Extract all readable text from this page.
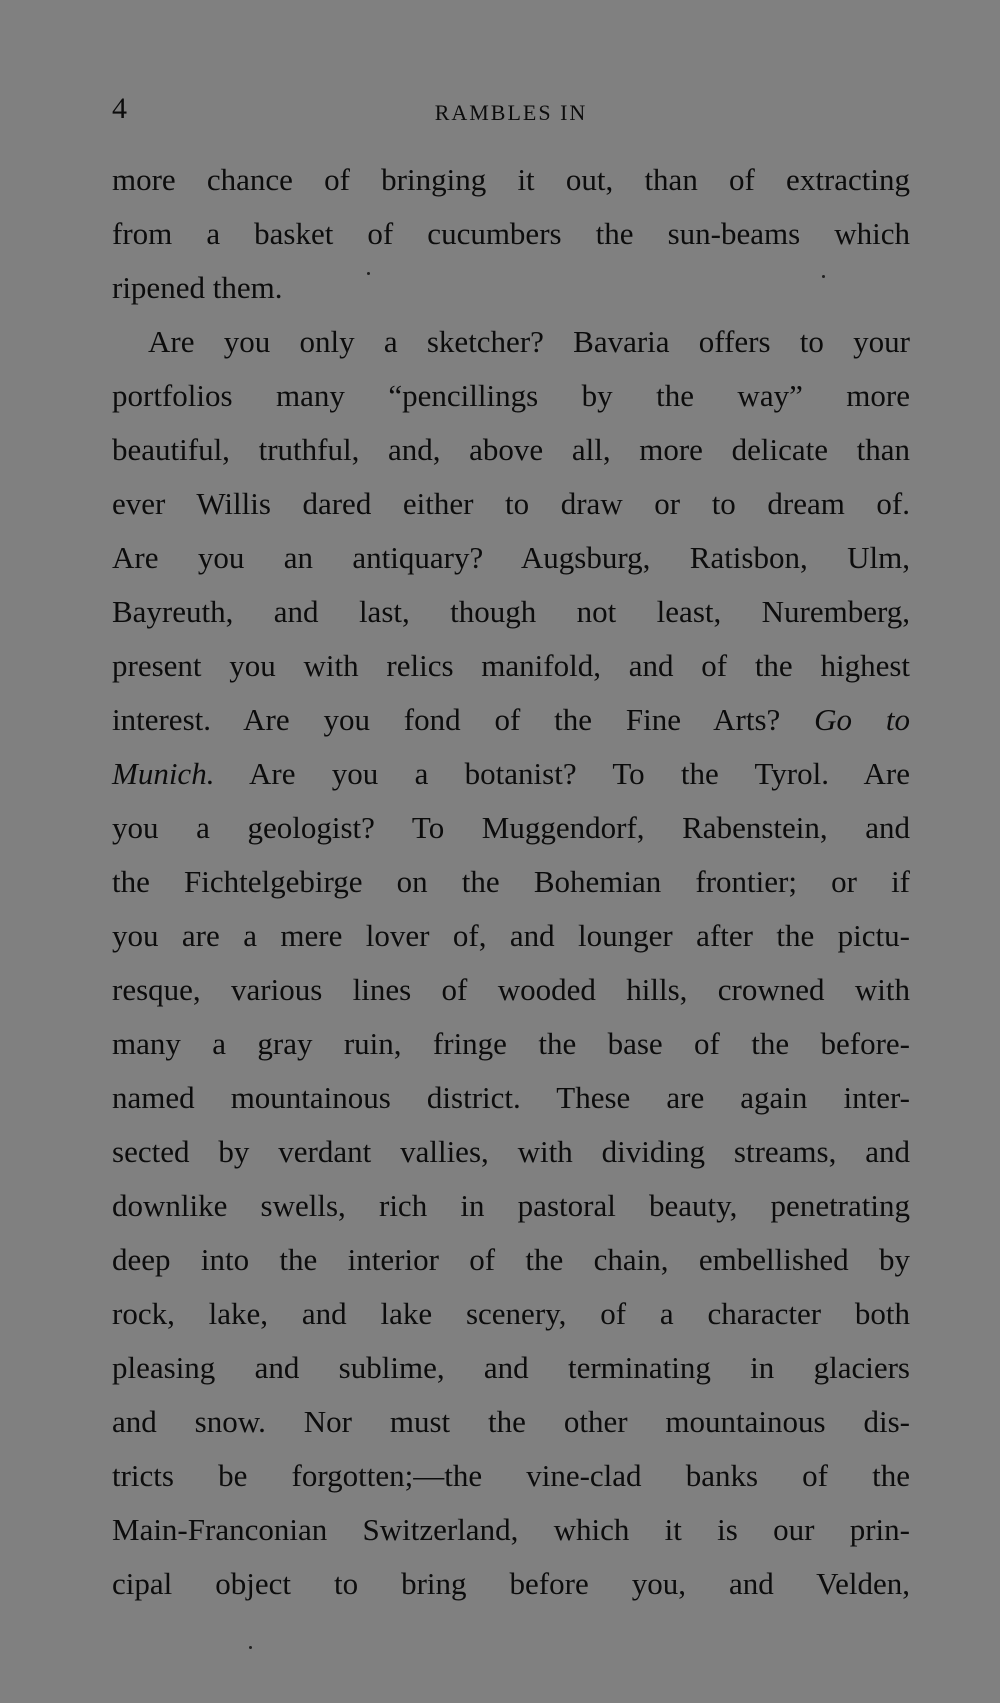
4	RAMBLES IN
more chance of bringing it out, than of extracting
from a basket of cucumbers the sun-beams which
ripened them.
Are you only a sketcher? Bavaria offers to your
portfolios many “pencillings by the way” more
beautiful, truthful, and, above all, more delicate than
ever Willis dared either to draw or to dream of.
Are you an antiquary? Augsburg, Ratisbon, Ulm,
Bayreuth, and last, though not least, Nuremberg,
present you with relics manifold, and of the highest
interest. Are you fond of the Fine Arts? Go to
Munich. Are you a botanist? To the Tyrol. Are
you a geologist? To Muggendorf, Rabenstein, and
the Fichtelgebirge on the Bohemian frontier; or if
you are a mere lover of, and lounger after the pictu-
resque, various lines of wooded hills, crowned with
many a gray ruin, fringe the base of the before-
named mountainous district. These are again inter-
sected by verdant vallies, with dividing streams, and
downlike swells, rich in pastoral beauty, penetrating
deep into the interior of the chain, embellished by
rock, lake, and lake scenery, of a character both
pleasing and sublime, and terminating in glaciers
and snow. Nor must the other mountainous dis-
tricts be forgotten;—the vine-clad banks of the
Main-Franconian Switzerland, which it is our prin-
cipal object to bring before you, and Velden,
